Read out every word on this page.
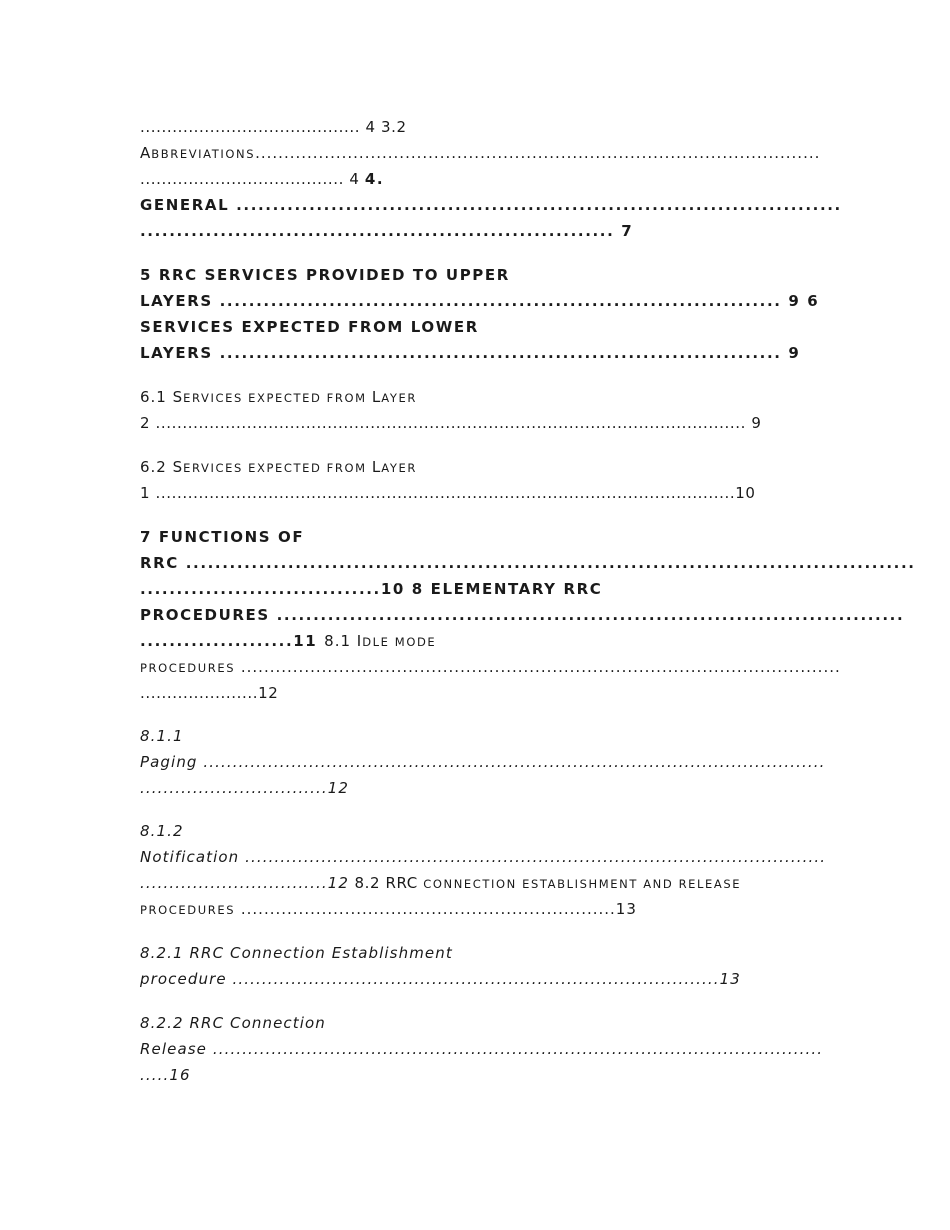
......................................... 4 3.2
ABBREVIATIONS..................................................................................................
...................................... 4 4.
GENERAL ...................................................................................
................................................................. 7
5 RRC SERVICES PROVIDED TO UPPER
LAYERS ............................................................................. 9 6
SERVICES EXPECTED FROM LOWER
LAYERS ............................................................................. 9
6.1 SERVICES EXPECTED FROM LAYER
2 .............................................................................................................. 9
6.2 SERVICES EXPECTED FROM LAYER
1 ............................................................................................................10
7 FUNCTIONS OF
RRC ....................................................................................................
.................................10 8 ELEMENTARY RRC
PROCEDURES ......................................................................................
.....................11 8.1 IDLE MODE
PROCEDURES ........................................................................................................
......................12
8.1.1
Paging ..........................................................................................................
................................12
8.1.2
Notification ...................................................................................................
................................12 8.2 RRC CONNECTION ESTABLISHMENT AND RELEASE
PROCEDURES .................................................................13
8.2.1 RRC Connection Establishment
procedure ...................................................................................13
8.2.2 RRC Connection
Release ........................................................................................................
.....16
